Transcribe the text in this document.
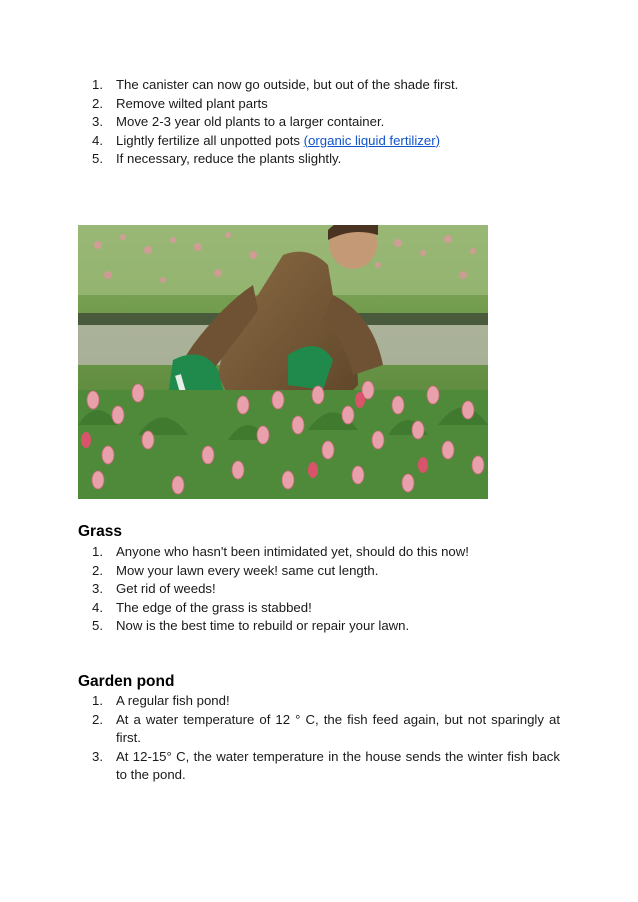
1. The canister can now go outside, but out of the shade first.
2. Remove wilted plant parts
3. Move 2-3 year old plants to a larger container.
4. Lightly fertilize all unpotted pots (organic liquid fertilizer)
5. If necessary, reduce the plants slightly.
Grass
1. Anyone who hasn't been intimidated yet, should do this now!
2. Mow your lawn every week! same cut length.
3. Get rid of weeds!
4. The edge of the grass is stabbed!
5. Now is the best time to rebuild or repair your lawn.
Garden pond
1. A regular fish pond!
2. At a water temperature of 12 ° C, the fish feed again, but not sparingly at first.
3. At 12-15° C, the water temperature in the house sends the winter fish back to the pond.
